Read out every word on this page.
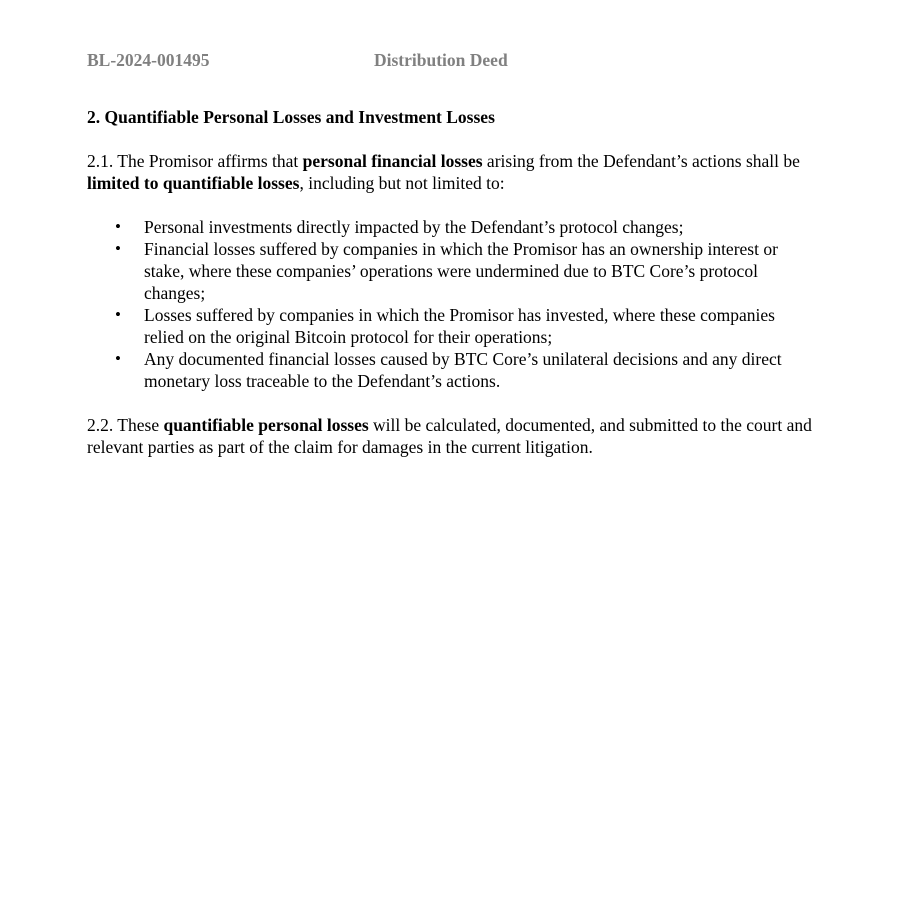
BL-2024-001495	Distribution Deed

2. Quantifiable Personal Losses and Investment Losses

2.1. The Promisor affirms that personal financial losses arising from the Defendant’s actions shall be limited to quantifiable losses, including but not limited to:

• Personal investments directly impacted by the Defendant’s protocol changes;
• Financial losses suffered by companies in which the Promisor has an ownership interest or stake, where these companies’ operations were undermined due to BTC Core’s protocol changes;
• Losses suffered by companies in which the Promisor has invested, where these companies relied on the original Bitcoin protocol for their operations;
• Any documented financial losses caused by BTC Core’s unilateral decisions and any direct monetary loss traceable to the Defendant’s actions.

2.2. These quantifiable personal losses will be calculated, documented, and submitted to the court and relevant parties as part of the claim for damages in the current litigation.
